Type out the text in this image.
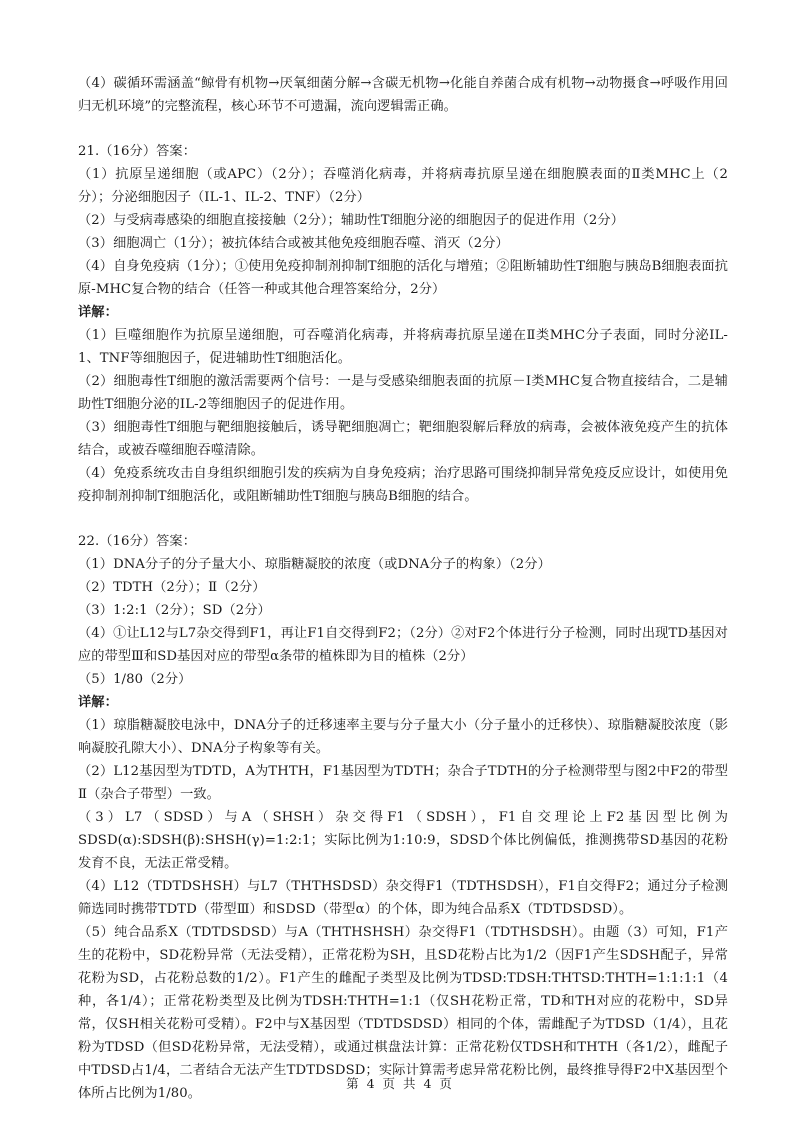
（4）碳循环需涵盖“鲸骨有机物→厌氧细菌分解→含碳无机物→化能自养菌合成有机物→动物摄食→呼吸作用回归无机环境”的完整流程，核心环节不可遗漏，流向逻辑需正确。

21.（16分）答案：

（1）抗原呈递细胞（或APC）（2分）；吞噬消化病毒，并将病毒抗原呈递在细胞膜表面的Ⅱ类MHC上（2分）；分泌细胞因子（IL-1、IL-2、TNF）（2分）

（2）与受病毒感染的细胞直接接触（2分）；辅助性T细胞分泌的细胞因子的促进作用（2分）

（3）细胞凋亡（1分）；被抗体结合或被其他免疫细胞吞噬、消灭（2分）

（4）自身免疫病（1分）；①使用免疫抑制剂抑制T细胞的活化与增殖；②阻断辅助性T细胞与胰岛B细胞表面抗原-MHC复合物的结合（任答一种或其他合理答案给分，2分）

详解：

（1）巨噬细胞作为抗原呈递细胞，可吞噬消化病毒，并将病毒抗原呈递在Ⅱ类MHC分子表面，同时分泌IL-1、TNF等细胞因子，促进辅助性T细胞活化。

（2）细胞毒性T细胞的激活需要两个信号：一是与受感染细胞表面的抗原－Ⅰ类MHC复合物直接结合，二是辅助性T细胞分泌的IL-2等细胞因子的促进作用。

（3）细胞毒性T细胞与靶细胞接触后，诱导靶细胞凋亡；靶细胞裂解后释放的病毒，会被体液免疫产生的抗体结合，或被吞噬细胞吞噬清除。

（4）免疫系统攻击自身组织细胞引发的疾病为自身免疫病；治疗思路可围绕抑制异常免疫反应设计，如使用免疫抑制剂抑制T细胞活化，或阻断辅助性T细胞与胰岛B细胞的结合。

22.（16分）答案：

（1）DNA分子的分子量大小、琼脂糖凝胶的浓度（或DNA分子的构象）（2分）

（2）TDTH（2分）；Ⅱ（2分）

（3）1:2:1（2分）；SD（2分）

（4）①让L12与L7杂交得到F1，再让F1自交得到F2；（2分）②对F2个体进行分子检测，同时出现TD基因对应的带型Ⅲ和SD基因对应的带型α条带的植株即为目的植株（2分）

（5）1/80（2分）

详解：

（1）琼脂糖凝胶电泳中，DNA分子的迁移速率主要与分子量大小（分子量小的迁移快）、琼脂糖凝胶浓度（影响凝胶孔隙大小）、DNA分子构象等有关。

（2）L12基因型为TDTD，A为THTH，F1基因型为TDTH；杂合子TDTH的分子检测带型与图2中F2的带型Ⅱ（杂合子带型）一致。

（3）L7（SDSD）与A（SHSH）杂交得F1（SDSH），F1自交理论上F2基因型比例为SDSD(α):SDSH(β):SHSH(γ)=1:2:1；实际比例为1:10:9，SDSD个体比例偏低，推测携带SD基因的花粉发育不良，无法正常受精。

（4）L12（TDTDSHSH）与L7（THTHSDSD）杂交得F1（TDTHSDSH），F1自交得F2；通过分子检测筛选同时携带TDTD（带型Ⅲ）和SDSD（带型α）的个体，即为纯合品系X（TDTDSDSD）。

（5）纯合品系X（TDTDSDSD）与A（THTHSHSH）杂交得F1（TDTHSDSH）。由题（3）可知，F1产生的花粉中，SD花粉异常（无法受精），正常花粉为SH，且SD花粉占比为1/2（因F1产生SDSH配子，异常花粉为SD，占花粉总数的1/2）。F1产生的雌配子类型及比例为TDSD:TDSH:THTSD:THTH=1:1:1:1（4种，各1/4）；正常花粉类型及比例为TDSH:THTH=1:1（仅SH花粉正常，TD和TH对应的花粉中，SD异常，仅SH相关花粉可受精）。F2中与X基因型（TDTDSDSD）相同的个体，需雌配子为TDSD（1/4），且花粉为TDSD（但SD花粉异常，无法受精），或通过棋盘法计算：正常花粉仅TDSH和THTH（各1/2），雌配子中TDSD占1/4，二者结合无法产生TDTDSDSD；实际计算需考虑异常花粉比例，最终推导得F2中X基因型个体所占比例为1/80。

第 4 页 共 4 页
